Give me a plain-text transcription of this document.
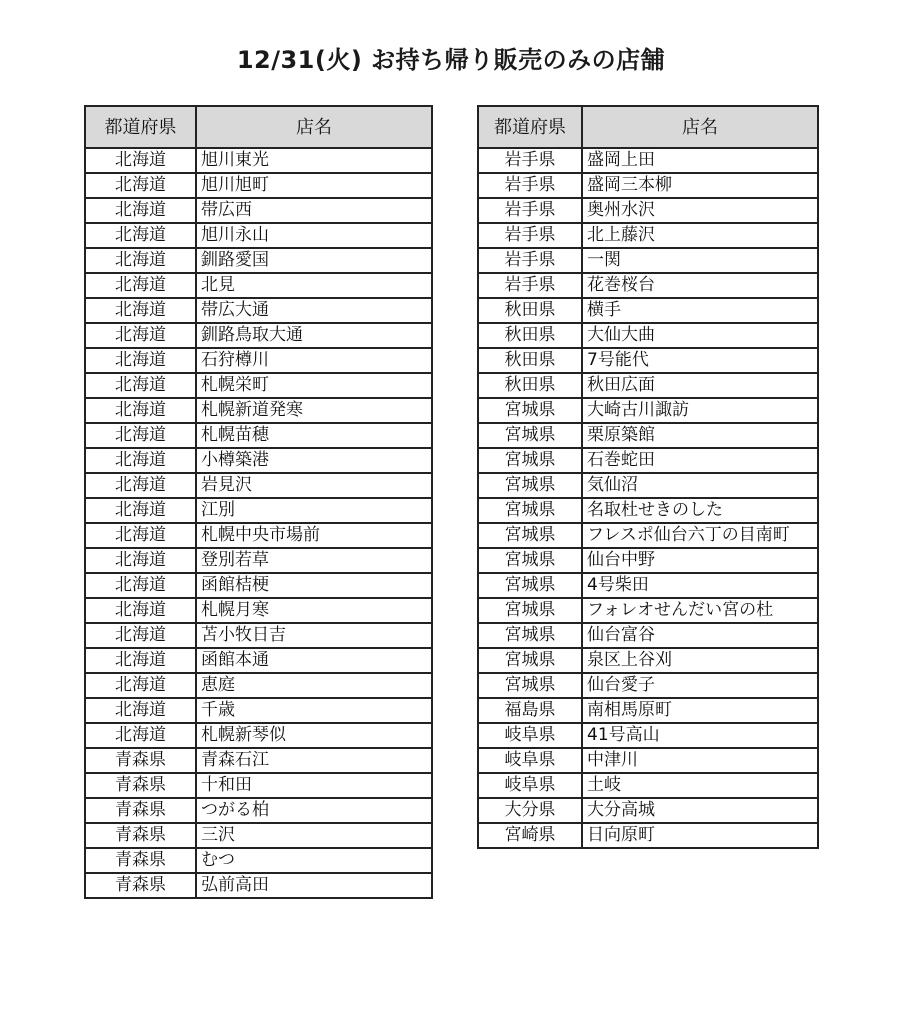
12/31(火) お持ち帰り販売のみの店舗
都道府県	店名
北海道	旭川東光
北海道	旭川旭町
北海道	帯広西
北海道	旭川永山
北海道	釧路愛国
北海道	北見
北海道	帯広大通
北海道	釧路鳥取大通
北海道	石狩樽川
北海道	札幌栄町
北海道	札幌新道発寒
北海道	札幌苗穂
北海道	小樽築港
北海道	岩見沢
北海道	江別
北海道	札幌中央市場前
北海道	登別若草
北海道	函館桔梗
北海道	札幌月寒
北海道	苫小牧日吉
北海道	函館本通
北海道	恵庭
北海道	千歳
北海道	札幌新琴似
青森県	青森石江
青森県	十和田
青森県	つがる柏
青森県	三沢
青森県	むつ
青森県	弘前高田
都道府県	店名
岩手県	盛岡上田
岩手県	盛岡三本柳
岩手県	奥州水沢
岩手県	北上藤沢
岩手県	一関
岩手県	花巻桜台
秋田県	横手
秋田県	大仙大曲
秋田県	7号能代
秋田県	秋田広面
宮城県	大崎古川諏訪
宮城県	栗原築館
宮城県	石巻蛇田
宮城県	気仙沼
宮城県	名取杜せきのした
宮城県	フレスポ仙台六丁の目南町
宮城県	仙台中野
宮城県	4号柴田
宮城県	フォレオせんだい宮の杜
宮城県	仙台富谷
宮城県	泉区上谷刈
宮城県	仙台愛子
福島県	南相馬原町
岐阜県	41号高山
岐阜県	中津川
岐阜県	土岐
大分県	大分高城
宮崎県	日向原町
